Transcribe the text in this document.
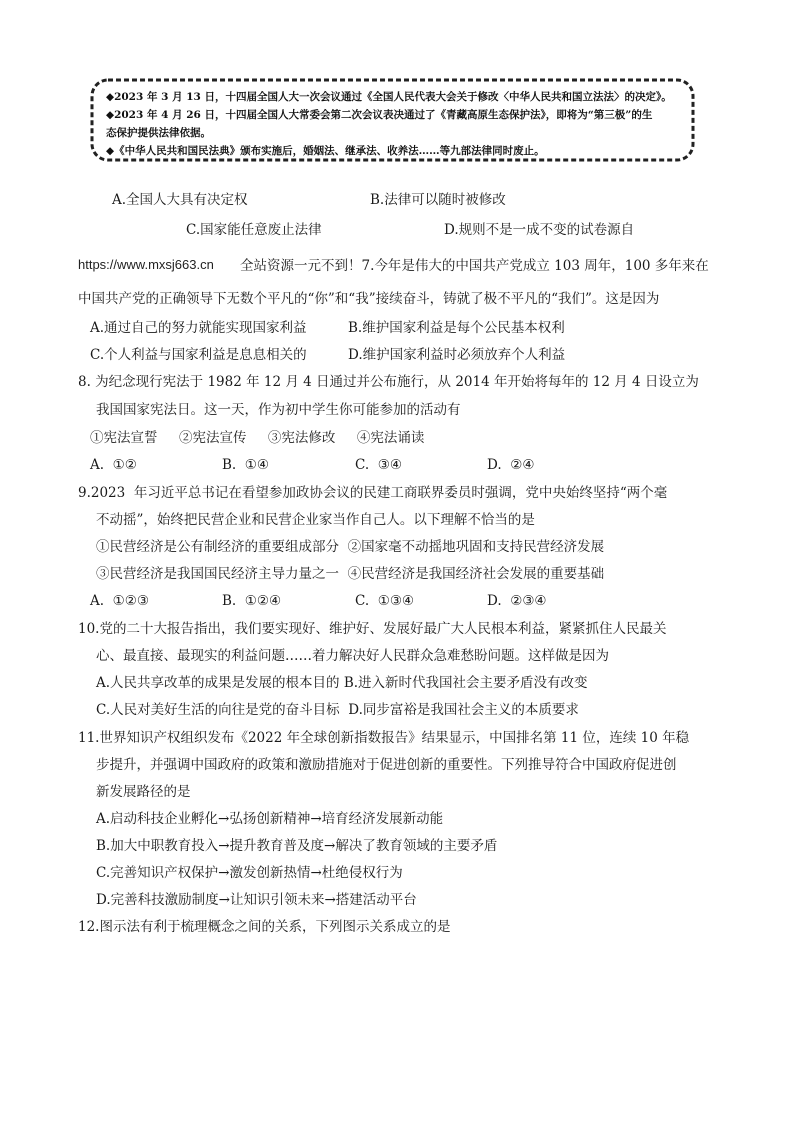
◆2023 年 3 月 13 日，十四届全国人大一次会议通过《全国人民代表大会关于修改〈中华人民共和国立法法〉的决定》。
◆2023 年 4 月 26 日，十四届全国人大常委会第二次会议表决通过了《青藏高原生态保护法》，即将为“第三极”的生
态保护提供法律依据。
◆《中华人民共和国民法典》颁布实施后，婚姻法、继承法、收养法……等九部法律同时废止。
A.全国人大具有决定权	B.法律可以随时被修改
C.国家能任意废止法律	D.规则不是一成不变的试卷源自
https://www.mxsj663.cn 全站资源一元不到！7.今年是伟大的中国共产党成立 103 周年，100 多年来在
中国共产党的正确领导下无数个平凡的“你”和“我”接续奋斗，铸就了极不平凡的“我们”。这是因为
A.通过自己的努力就能实现国家利益	B.维护国家利益是每个公民基本权利
C.个人利益与国家利益是息息相关的	D.维护国家利益时必须放弃个人利益
8. 为纪念现行宪法于 1982 年 12 月 4 日通过并公布施行，从 2014 年开始将每年的 12 月 4 日设立为
我国国家宪法日。这一天，作为初中学生你可能参加的活动有
①宪法宣誓     ②宪法宣传     ③宪法修改     ④宪法诵读
A.  ①②	B.  ①④	C.  ③④	D.  ②④
9.2023  年习近平总书记在看望参加政协会议的民建工商联界委员时强调，党中央始终坚持“两个毫
不动摇”，始终把民营企业和民营企业家当作自己人。以下理解不恰当的是
①民营经济是公有制经济的重要组成部分  ②国家毫不动摇地巩固和支持民营经济发展
③民营经济是我国国民经济主导力量之一  ④民营经济是我国经济社会发展的重要基础
A.  ①②③	B.  ①②④	C.  ①③④	D.  ②③④
10.党的二十大报告指出，我们要实现好、维护好、发展好最广大人民根本利益，紧紧抓住人民最关
心、最直接、最现实的利益问题……着力解决好人民群众急难愁盼问题。这样做是因为
A.人民共享改革的成果是发展的根本目的 B.进入新时代我国社会主要矛盾没有改变
C.人民对美好生活的向往是党的奋斗目标  D.同步富裕是我国社会主义的本质要求
11.世界知识产权组织发布《2022 年全球创新指数报告》结果显示，中国排名第 11 位，连续 10 年稳
步提升，并强调中国政府的政策和激励措施对于促进创新的重要性。下列推导符合中国政府促进创
新发展路径的是
A.启动科技企业孵化→弘扬创新精神→培育经济发展新动能
B.加大中职教育投入→提升教育普及度→解决了教育领域的主要矛盾
C.完善知识产权保护→激发创新热情→杜绝侵权行为
D.完善科技激励制度→让知识引领未来→搭建活动平台
12.图示法有利于梳理概念之间的关系，下列图示关系成立的是
